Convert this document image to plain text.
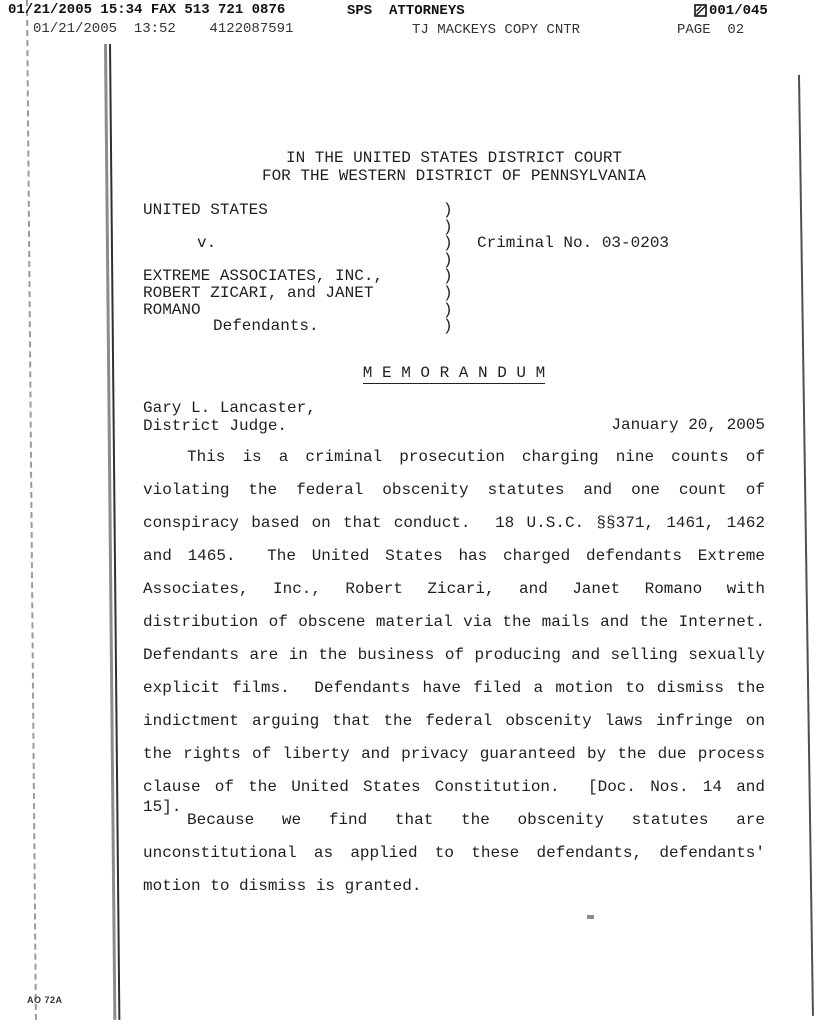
01/21/2005 15:34 FAX 513 721 0876	SPS  ATTORNEYS	001/045
01/21/2005  13:52    4122087591	TJ MACKEYS COPY CNTR	PAGE  02
IN THE UNITED STATES DISTRICT COURT
FOR THE WESTERN DISTRICT OF PENNSYLVANIA
UNITED STATES	)
)
v.	) Criminal No. 03-0203
)
EXTREME ASSOCIATES, INC.,	)
ROBERT ZICARI, and JANET	)
ROMANO	)
Defendants.	)
M E M O R A N D U M
Gary L. Lancaster,
District Judge.	January 20, 2005
This is a criminal prosecution charging nine counts of
violating the federal obscenity statutes and one count of
conspiracy based on that conduct.  18 U.S.C. §§371, 1461, 1462
and 1465.  The United States has charged defendants Extreme
Associates, Inc., Robert Zicari, and Janet Romano with
distribution of obscene material via the mails and the Internet.
Defendants are in the business of producing and selling sexually
explicit films.  Defendants have filed a motion to dismiss the
indictment arguing that the federal obscenity laws infringe on
the rights of liberty and privacy guaranteed by the due process
clause of the United States Constitution.  [Doc. Nos. 14 and 15].
Because we find that the obscenity statutes are
unconstitutional as applied to these defendants, defendants'
motion to dismiss is granted.
AO 72A
